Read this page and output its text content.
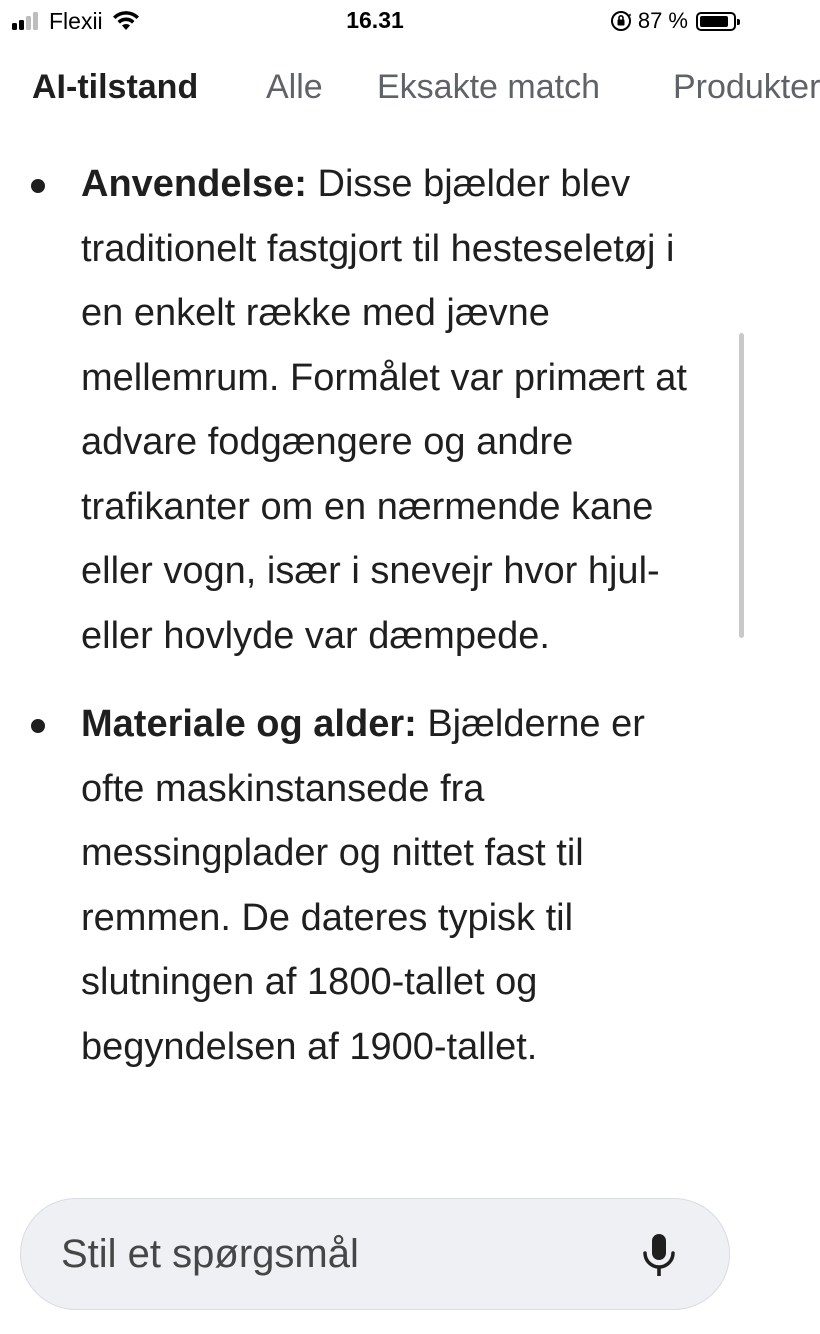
Flexii	16.31	87 %
AI-tilstand Alle Eksakte match Produkter
Anvendelse: Disse bjælder blev traditionelt fastgjort til hesteseletøj i en enkelt række med jævne mellemrum. Formålet var primært at advare fodgængere og andre trafikanter om en nærmende kane eller vogn, især i snevejr hvor hjul- eller hovlyde var dæmpede.
Materiale og alder: Bjælderne er ofte maskinstansede fra messingplader og nittet fast til remmen. De dateres typisk til slutningen af 1800-tallet og begyndelsen af 1900-tallet.
Stil et spørgsmål
